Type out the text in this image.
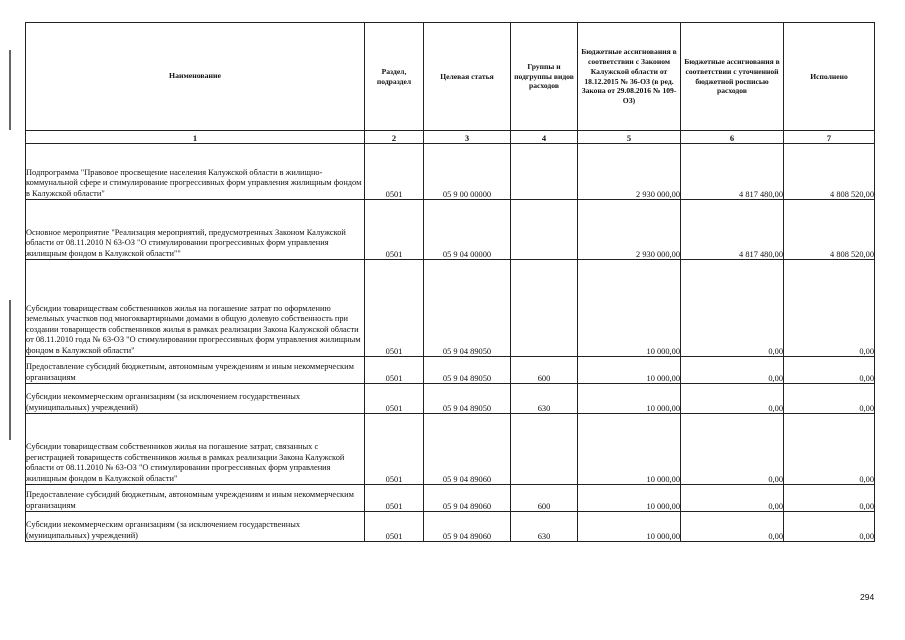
Наименование	Раздел, подраздел	Целевая статья	Группы и подгруппы видов расходов	Бюджетные ассигнования в соответствии с Законом Калужской области от 18.12.2015 № 36-ОЗ (в ред. Закона от 29.08.2016 № 109-ОЗ)	Бюджетные ассигнования в соответствии с уточненной бюджетной росписью расходов	Исполнено
1	2	3	4	5	6	7
Подпрограмма "Правовое просвещение населения Калужской области в жилищно-коммунальной сфере и стимулирование прогрессивных форм управления жилищным фондом в Калужской области"	0501	05 9 00 00000		2 930 000,00	4 817 480,00	4 808 520,00
Основное мероприятие "Реализация мероприятий, предусмотренных Законом Калужской области от 08.11.2010 N 63-ОЗ "О стимулировании прогрессивных форм управления жилищным фондом в Калужской области""	0501	05 9 04 00000		2 930 000,00	4 817 480,00	4 808 520,00
Субсидии товариществам собственников жилья на погашение затрат по оформлению земельных участков под многоквартирными домами в общую долевую собственность при создании товариществ собственников жилья в рамках реализации Закона Калужской области от 08.11.2010 года № 63-ОЗ "О стимулировании прогрессивных форм управления жилищным фондом в Калужской области"	0501	05 9 04 89050		10 000,00	0,00	0,00
Предоставление субсидий бюджетным, автономным учреждениям и иным некоммерческим организациям	0501	05 9 04 89050	600	10 000,00	0,00	0,00
Субсидии некоммерческим организациям (за исключением государственных (муниципальных) учреждений)	0501	05 9 04 89050	630	10 000,00	0,00	0,00
Субсидии товариществам собственников жилья на погашение затрат, связанных с регистрацией товариществ собственников жилья в рамках реализации Закона Калужской области от 08.11.2010 № 63-ОЗ "О стимулировании прогрессивных форм управления жилищным фондом в Калужской области"	0501	05 9 04 89060		10 000,00	0,00	0,00
Предоставление субсидий бюджетным, автономным учреждениям и иным некоммерческим организациям	0501	05 9 04 89060	600	10 000,00	0,00	0,00
Субсидии некоммерческим организациям (за исключением государственных (муниципальных) учреждений)	0501	05 9 04 89060	630	10 000,00	0,00	0,00
294
